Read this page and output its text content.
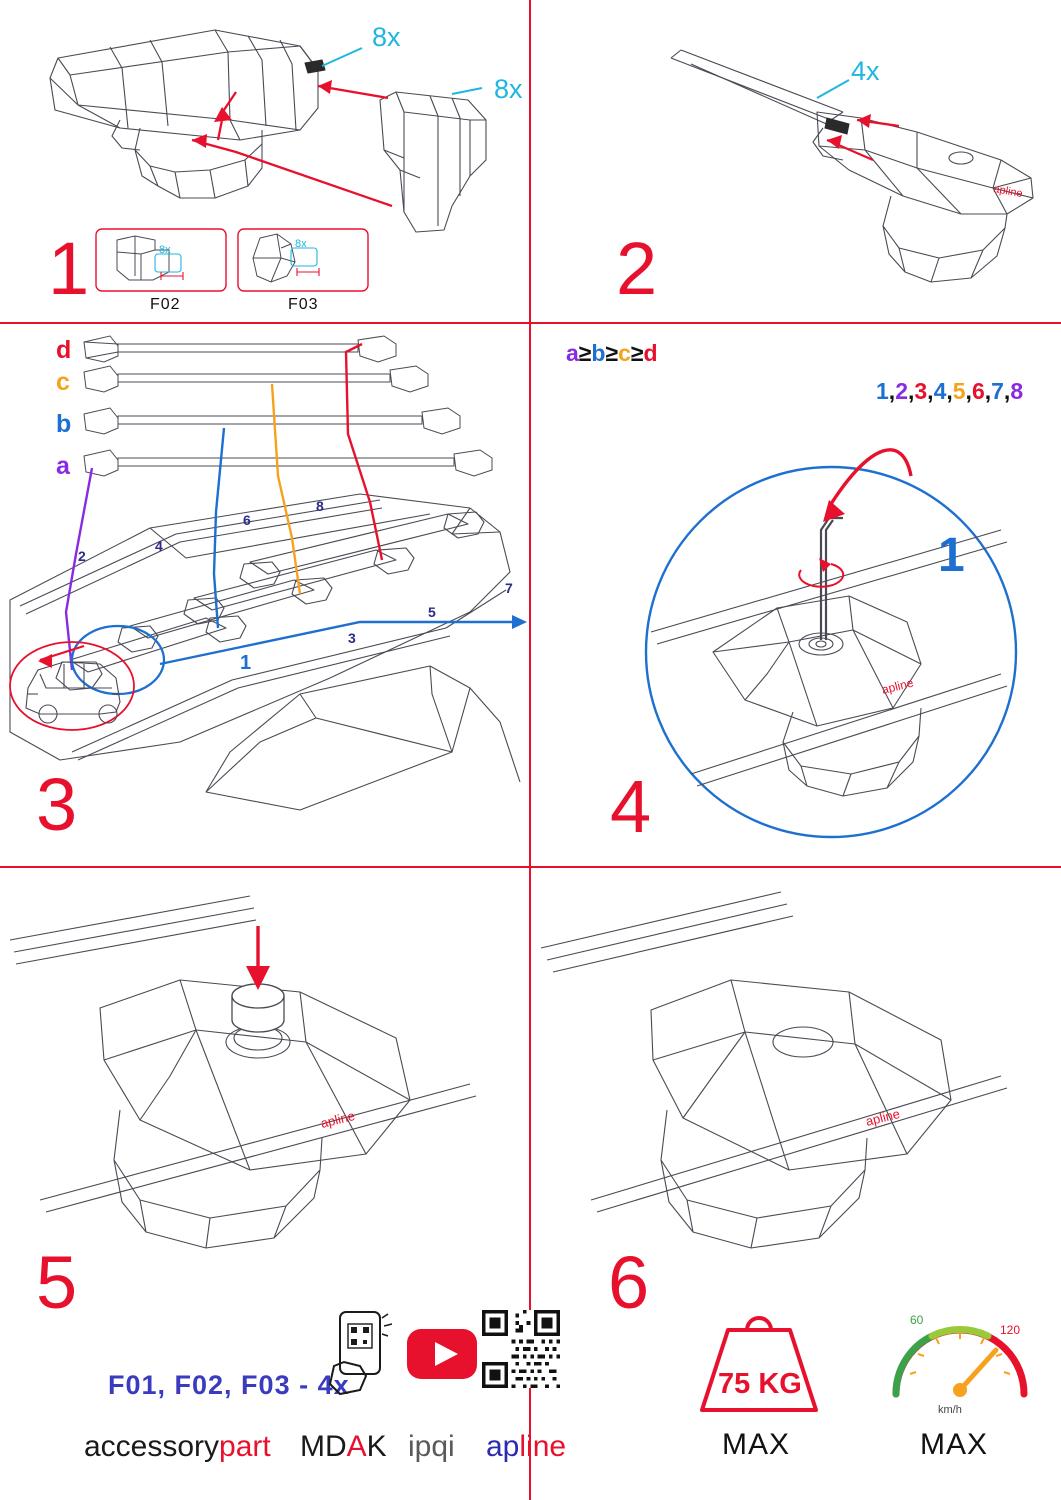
8x
8x
1	8x	8x
F02	F03
apline
4x
2
d
c
b
a
a≥b≥c≥d
2
4
6
8
7
5
3
1
3
apline
1,2,3,4,5,6,7,8
1
4
apline
5
F01, F02, F03 - 4x
accessorypart MDAK ipqi apline
apline
6
75 KG
MAX
60
120
km/h
MAX
